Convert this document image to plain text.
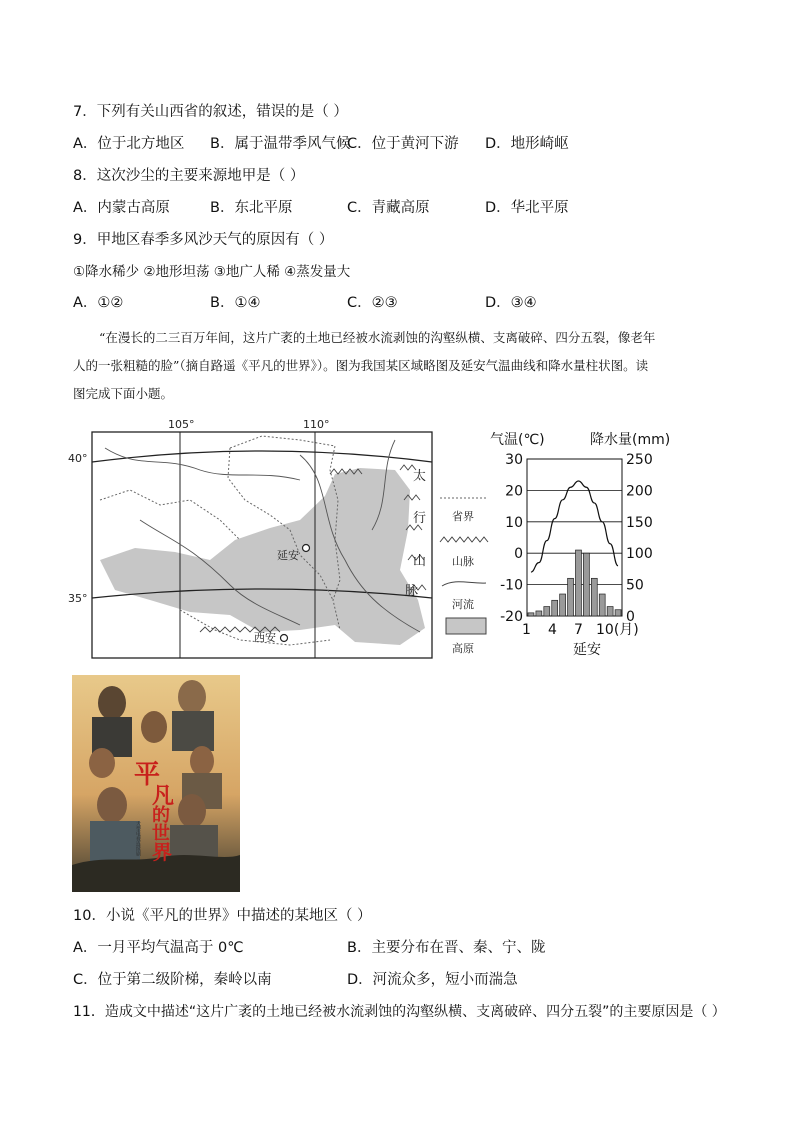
7．下列有关山西省的叙述，错误的是（ ）
A．位于北方地区 B．属于温带季风气候
C．位于黄河下游 D．地形崎岖
8．这次沙尘的主要来源地甲是（ ）
A．内蒙古高原	B．东北平原	C．青藏高原	D．华北平原
9．甲地区春季多风沙天气的原因有（ ）
①降水稀少 ②地形坦荡 ③地广人稀 ④蒸发量大
A．①②	B．①④	C．②③	D．③④
“在漫长的二三百万年间，这片广袤的土地已经被水流剥蚀的沟壑纵横、支离破碎、四分五裂，像老年
人的一张粗糙的脸”（摘自路遥《平凡的世界》）。图为我国某区域略图及延安气温曲线和降水量柱状图。读
图完成下面小题。
105°	110°
40°
35°
延安
西安
太
行
山
脉
省界
山脉
河流
高原
气温(℃)	降水量(mm)
30
20
10
0
-10
-20
250
200
150
100
50
0
1 4 7 10(月)
延安
平
凡
的
世
界
大型电视连续剧
10．小说《平凡的世界》中描述的某地区（ ）
A．一月平均气温高于 0℃	B．主要分布在晋、秦、宁、陇
C．位于第二级阶梯，秦岭以南	D．河流众多，短小而湍急
11．造成文中描述“这片广袤的土地已经被水流剥蚀的沟壑纵横、支离破碎、四分五裂”的主要原因是（ ）
